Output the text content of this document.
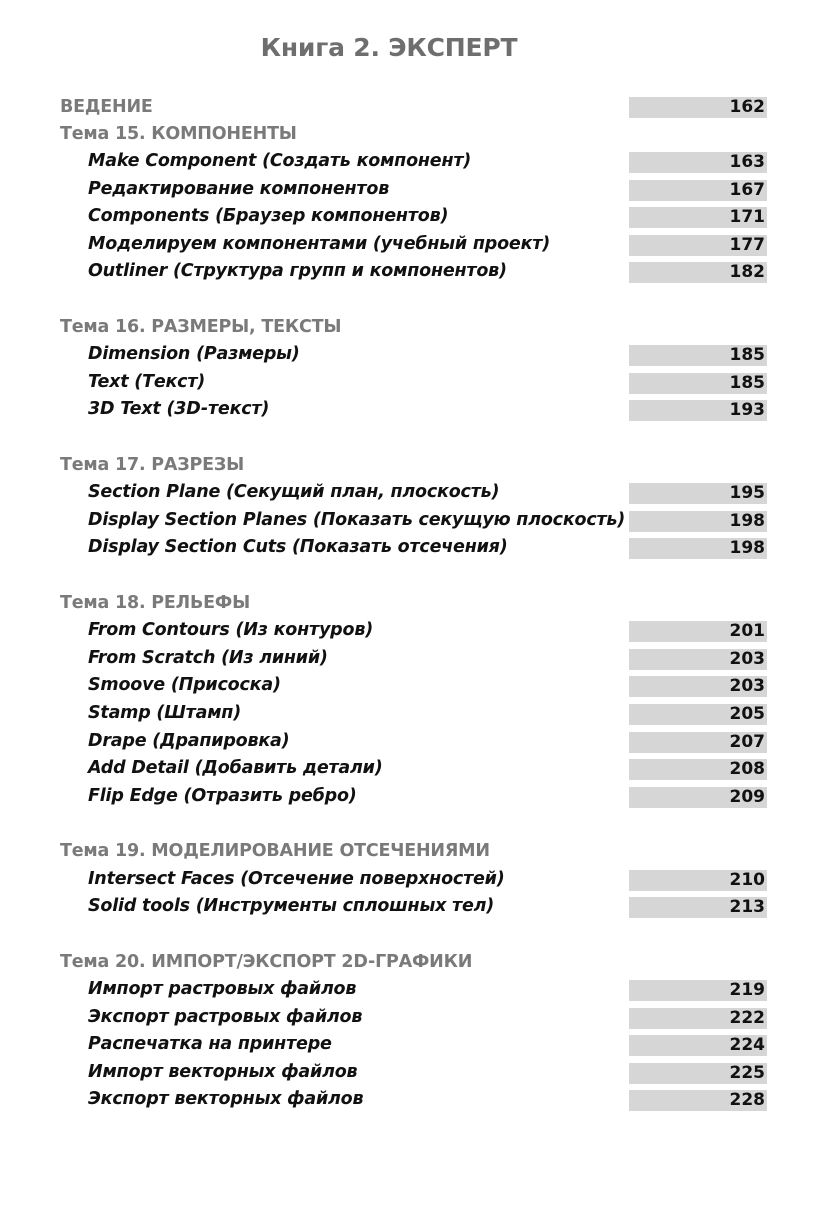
Книга 2. ЭКСПЕРТ
ВЕДЕНИЕ	162
Тема 15. КОМПОНЕНТЫ
Make Component (Создать компонент)	163
Редактирование компонентов	167
Components (Браузер компонентов)	171
Моделируем компонентами (учебный проект)	177
Outliner (Структура групп и компонентов)	182
Тема 16. РАЗМЕРЫ, ТЕКСТЫ
Dimension (Размеры)	185
Text (Текст)	185
3D Text (3D-текст)	193
Тема 17. РАЗРЕЗЫ
Section Plane (Секущий план, плоскость)	195
Display Section Planes (Показать секущую плоскость)	198
Display Section Cuts (Показать отсечения)	198
Тема 18. РЕЛЬЕФЫ
From Contours (Из контуров)	201
From Scratch (Из линий)	203
Smoove (Присоска)	203
Stamp (Штамп)	205
Drape (Драпировка)	207
Add Detail (Добавить детали)	208
Flip Edge (Отразить ребро)	209
Тема 19. МОДЕЛИРОВАНИЕ ОТСЕЧЕНИЯМИ
Intersect Faces (Отсечение поверхностей)	210
Solid tools (Инструменты сплошных тел)	213
Тема 20. ИМПОРТ/ЭКСПОРТ 2D-ГРАФИКИ
Импорт растровых файлов	219
Экспорт растровых файлов	222
Распечатка на принтере	224
Импорт векторных файлов	225
Экспорт векторных файлов	228
